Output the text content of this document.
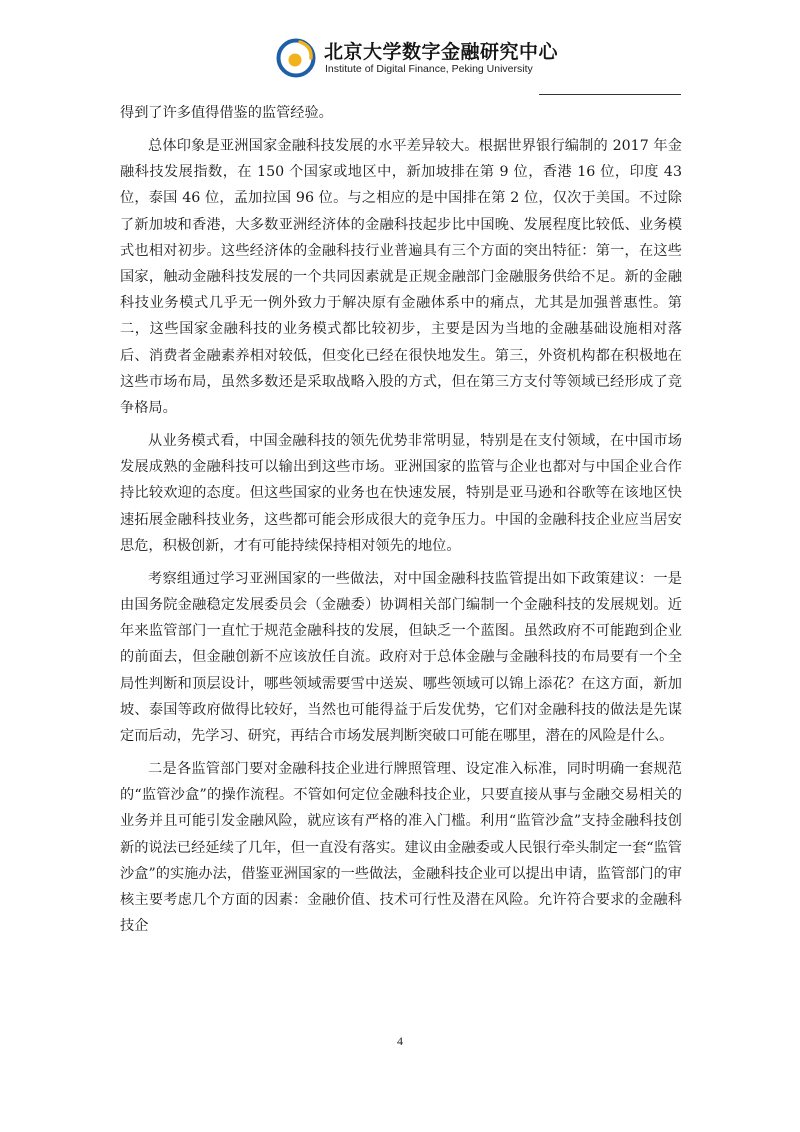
北京大学数字金融研究中心
Institute of Digital Finance, Peking University

得到了许多值得借鉴的监管经验。

总体印象是亚洲国家金融科技发展的水平差异较大。根据世界银行编制的 2017 年金融科技发展指数，在 150 个国家或地区中，新加坡排在第 9 位，香港 16 位，印度 43 位，泰国 46 位，孟加拉国 96 位。与之相应的是中国排在第 2 位，仅次于美国。不过除了新加坡和香港，大多数亚洲经济体的金融科技起步比中国晚、发展程度比较低、业务模式也相对初步。这些经济体的金融科技行业普遍具有三个方面的突出特征：第一，在这些国家，触动金融科技发展的一个共同因素就是正规金融部门金融服务供给不足。新的金融科技业务模式几乎无一例外致力于解决原有金融体系中的痛点，尤其是加强普惠性。第二，这些国家金融科技的业务模式都比较初步，主要是因为当地的金融基础设施相对落后、消费者金融素养相对较低，但变化已经在很快地发生。第三，外资机构都在积极地在这些市场布局，虽然多数还是采取战略入股的方式，但在第三方支付等领域已经形成了竞争格局。

从业务模式看，中国金融科技的领先优势非常明显，特别是在支付领域，在中国市场发展成熟的金融科技可以输出到这些市场。亚洲国家的监管与企业也都对与中国企业合作持比较欢迎的态度。但这些国家的业务也在快速发展，特别是亚马逊和谷歌等在该地区快速拓展金融科技业务，这些都可能会形成很大的竞争压力。中国的金融科技企业应当居安思危，积极创新，才有可能持续保持相对领先的地位。

考察组通过学习亚洲国家的一些做法，对中国金融科技监管提出如下政策建议：一是由国务院金融稳定发展委员会（金融委）协调相关部门编制一个金融科技的发展规划。近年来监管部门一直忙于规范金融科技的发展，但缺乏一个蓝图。虽然政府不可能跑到企业的前面去，但金融创新不应该放任自流。政府对于总体金融与金融科技的布局要有一个全局性判断和顶层设计，哪些领域需要雪中送炭、哪些领域可以锦上添花？在这方面，新加坡、泰国等政府做得比较好，当然也可能得益于后发优势，它们对金融科技的做法是先谋定而后动，先学习、研究，再结合市场发展判断突破口可能在哪里，潜在的风险是什么。

二是各监管部门要对金融科技企业进行牌照管理、设定准入标准，同时明确一套规范的“监管沙盒”的操作流程。不管如何定位金融科技企业，只要直接从事与金融交易相关的业务并且可能引发金融风险，就应该有严格的准入门槛。利用“监管沙盒”支持金融科技创新的说法已经延续了几年，但一直没有落实。建议由金融委或人民银行牵头制定一套“监管沙盒”的实施办法，借鉴亚洲国家的一些做法，金融科技企业可以提出申请，监管部门的审核主要考虑几个方面的因素：金融价值、技术可行性及潜在风险。允许符合要求的金融科技企

4
